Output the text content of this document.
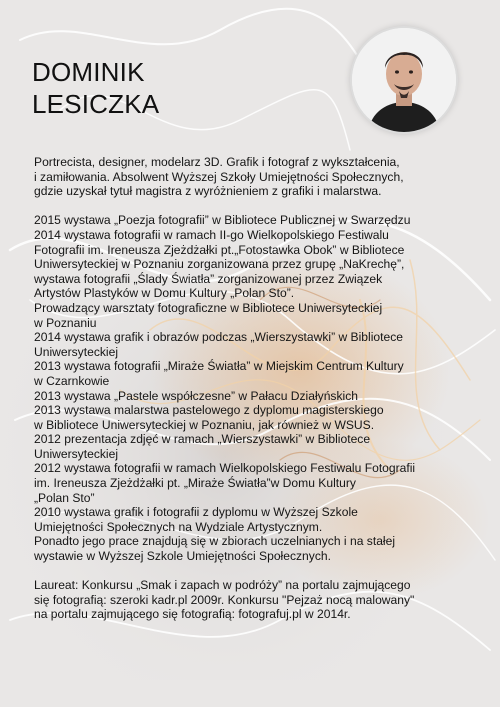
DOMINIK
LESICZKA

Portrecista, designer, modelarz 3D. Grafik i fotograf z wykształcenia,

i zamiłowania. Absolwent Wyższej Szkoły Umiejętności Społecznych,

gdzie uzyskał tytuł magistra z wyróżnieniem z grafiki i malarstwa.

2015 wystawa „Poezja fotografii” w Bibliotece Publicznej w Swarzędzu

2014 wystawa fotografii w ramach II-go Wielkopolskiego Festiwalu

Fotografii im. Ireneusza Zjeżdżałki pt.„Fotostawka Obok” w Bibliotece

Uniwersyteckiej w Poznaniu zorganizowana przez grupę „NaKrechę”,

wystawa fotografii „Ślady Światła” zorganizowanej przez Związek

Artystów Plastyków w Domu Kultury „Polan Sto”.

Prowadzący warsztaty fotograficzne w Bibliotece Uniwersyteckiej

w Poznaniu

2014 wystawa grafik i obrazów podczas „Wierszystawki” w Bibliotece

Uniwersyteckiej

2013 wystawa fotografii „Miraże Światła” w Miejskim Centrum Kultury

w Czarnkowie

2013 wystawa „Pastele współczesne” w Pałacu Działyńskich

2013 wystawa malarstwa pastelowego z dyplomu magisterskiego

w Bibliotece Uniwersyteckiej w Poznaniu, jak również w WSUS.

2012 prezentacja zdjęć w ramach „Wierszystawki” w Bibliotece

Uniwersyteckiej

2012 wystawa fotografii w ramach Wielkopolskiego Festiwalu Fotografii

im. Ireneusza Zjeżdżałki pt. „Miraże Światła”w Domu Kultury

„Polan Sto”

2010 wystawa grafik i fotografii z dyplomu w Wyższej Szkole

Umiejętności Społecznych na Wydziale Artystycznym.

Ponadto jego prace znajdują się w zbiorach uczelnianych i na stałej

wystawie w Wyższej Szkole Umiejętności Społecznych.

Laureat: Konkursu „Smak i zapach w podróży” na portalu zajmującego

się fotografią: szeroki kadr.pl 2009r. Konkursu "Pejzaż nocą malowany"

na portalu zajmującego się fotografią: fotografuj.pl w 2014r.
